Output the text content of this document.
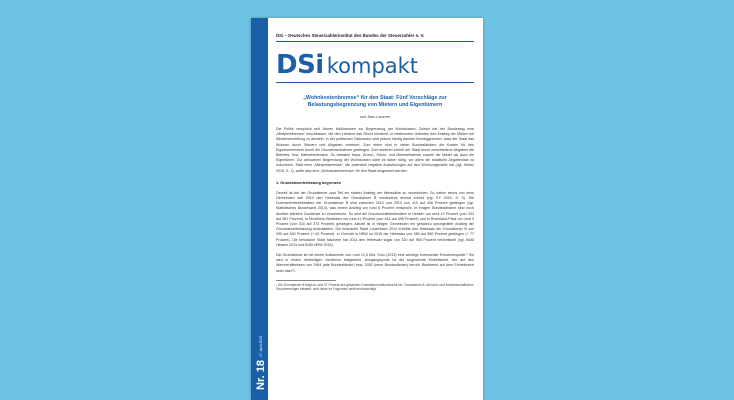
Nr. 1817. April 2015
DSi – Deutsches Steuerzahlerinstitut des Bundes der Steuerzahler e. V.
DSi kompakt
„Wohnkostenbremse“ für den Staat: Fünf Vorschläge zur
Belastungsbegrenzung von Mietern und Eigentümern
von Jens Lemmer
Die Politik verspricht seit Jahren Maßnahmen zur Begrenzung der Wohnkosten. Zuletzt hat der Bundestag eine „Mietpreisbremse“ beschlossen, die den Ländern das Recht einräumt, in bestimmten Gebieten den Anstieg der Mieten bei Wiedervermietung zu deckeln. In der politischen Diskussion wird jedoch häufig darüber hinweggesehen, dass der Staat das Wohnen durch Steuern und Abgaben verteuert. Zum einen sind in vielen Bundesländern die Kosten für den Eigentumserwerb durch die Grunderwerbsteuer gestiegen. Zum anderen erhöht der Staat durch verschiedene Abgaben die Betriebs- bzw. Mietnebenkosten. So belasten bspw. Grund-, Strom- und Mehrwertsteuer sowohl die Mieter als auch die Eigentümer. Zur wirksamen Begrenzung der Wohnkosten wäre es daher nötig, vor allem die staatliche Abgabenlast zu reduzieren. Statt einer „Mietpreisbremse“, die potenziell negative Auswirkungen auf den Wohnungsmarkt hat (vgl. Arentz 2015, S. 1), sollte also eine „Wohnkostenbremse“ für den Staat umgesetzt werden.
1. Grundsteuerbelastung begrenzen
Derzeit ist bei der Grundsteuer zum Teil ein starker Anstieg der Hebesätze zu verzeichnen. So haben sechs von zehn Gemeinden seit 2010 den Hebesatz der Grundsteuer B mindestens einmal erhöht (vgl. EY 2015, S. 3). Die Durchschnittshebesätze der Grundsteuer B sind zwischen 2010 und 2013 von 410 auf 436 Prozent gestiegen (vgl. Statistisches Bundesamt 2014), was einem Anstieg um rund 6 Prozent entspricht. In einigen Bundesländern sind noch deutlich stärkere Zuwächse zu verzeichnen. So sind die Durchschnittshebesätze in Hessen um rund 14 Prozent (von 333 auf 381 Prozent), in Nordrhein-Westfalen um rund 12 Prozent (von 444 auf 496 Prozent) und in Rheinland-Pfalz um rund 9 Prozent (von 343 auf 373 Prozent) gestiegen. Aktuell ist in einigen Gemeinden ein geradezu sprunghafter Anstieg der Grundsteuerbelastung festzustellen. Die hessische Stadt Lauterbach 2014 erhöhte den Hebesatz der Grundsteuer B von 390 auf 630 Prozent (+ 62 Prozent). In Overath in NRW ist 2015 der Hebesatz von 480 auf 850 Prozent gestiegen (+ 77 Prozent). Die hessische Stadt Nauheim hat 2014 den Hebesatz sogar von 320 auf 960 Prozent verdreifacht (vgl. BdSt Hessen 2014 und BdSt NRW 2015).
Die Grundsteuer ist mit einem Aufkommen von rund 12,5 Mrd. Euro (2013) eine wichtige kommunale Einnahmequelle.¹ Sie wird in einem dreistufigen Verfahren festgesetzt. Ausgangspunkt ist der sogenannte Einheitswert, der auf den Wertverhältnissen von 1964 (alte Bundesländer) bzw. 1935 (neue Bundesländer) beruht. Basierend auf dem Einheitswert setzt das Fi-
¹ Die Grundsteuer B trägt zu rund 97 Prozent des gesamten Grundsteueraufkommens bei. Grundsteuer A, die land- und forstwirtschaftliches Grundvermögen belastet, wird daher im Folgenden nicht berücksichtigt.
